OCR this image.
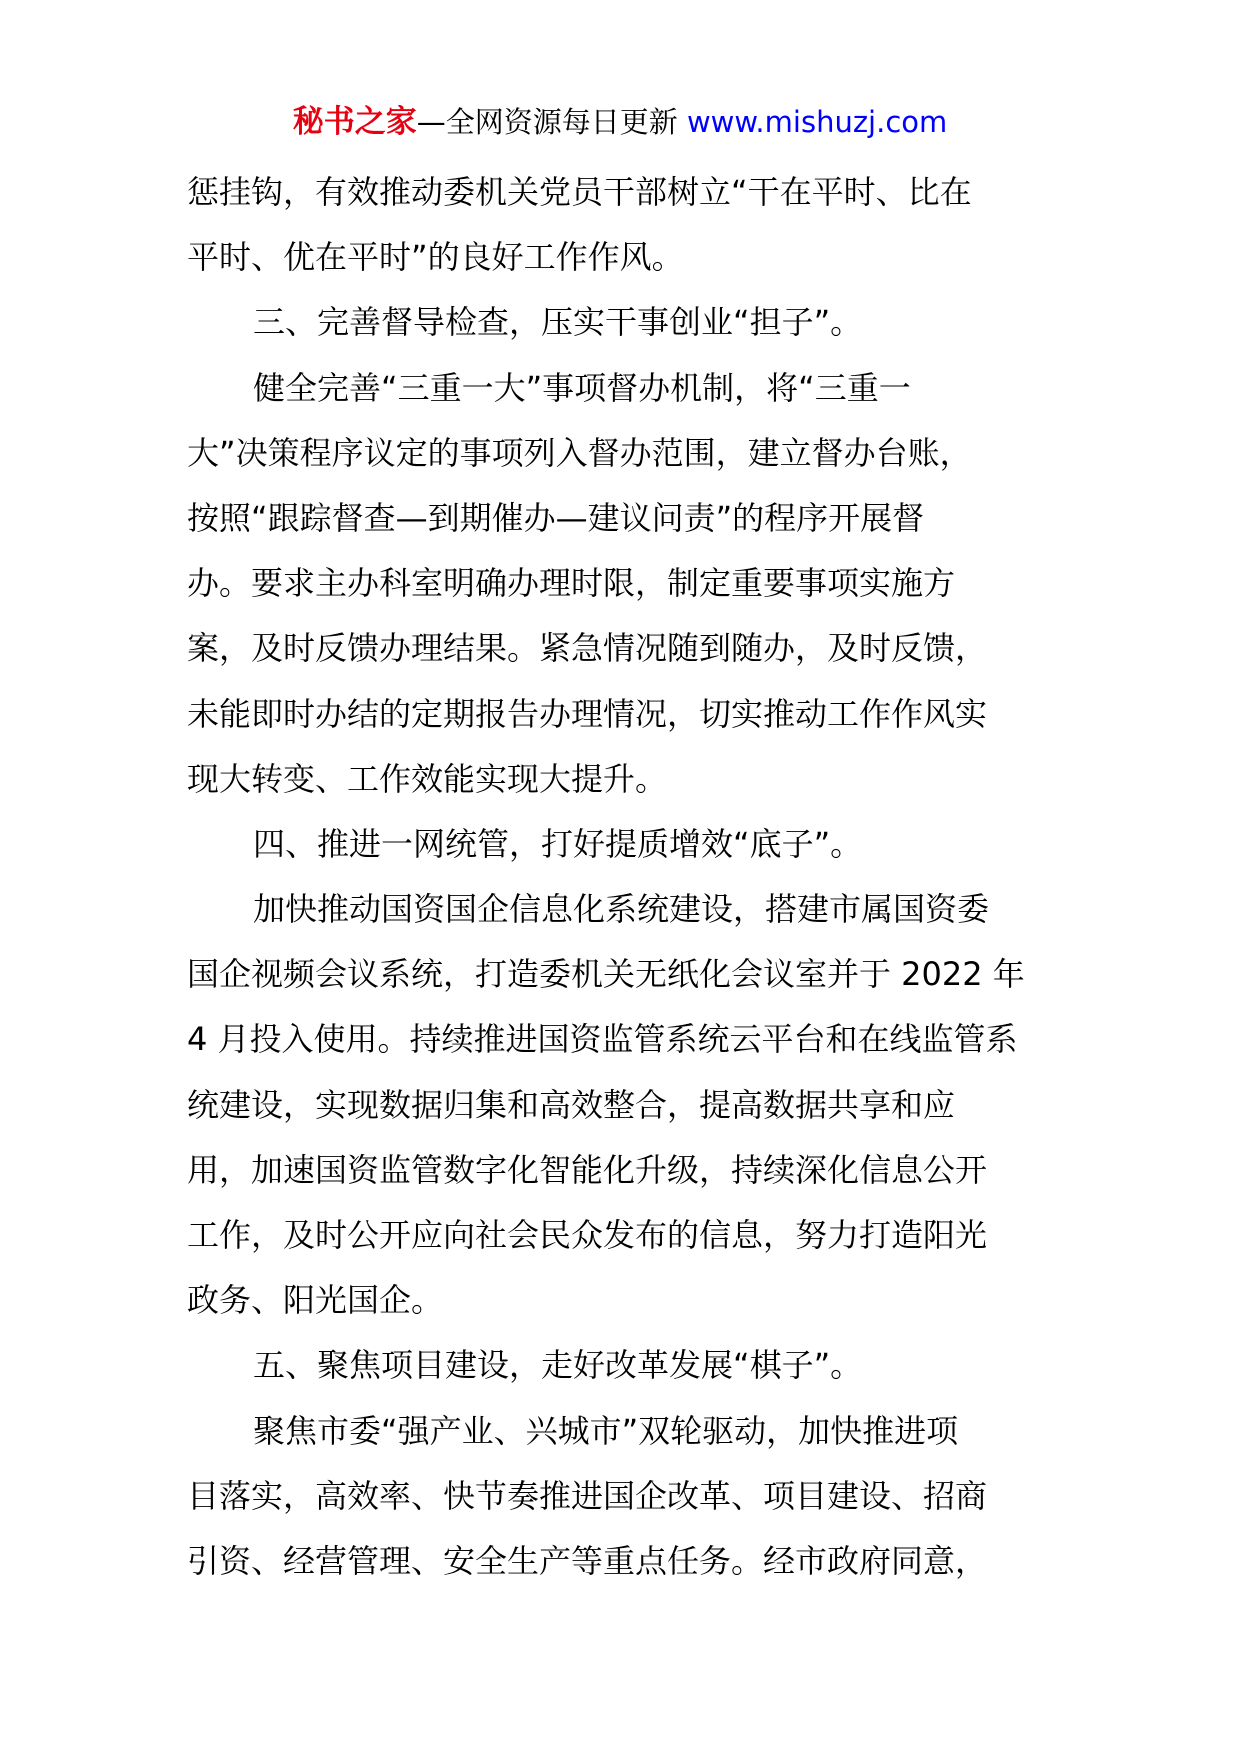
秘书之家—全网资源每日更新 www.mishuzj.com
惩挂钩，有效推动委机关党员干部树立“干在平时、比在
平时、优在平时”的良好工作作风。
三、完善督导检查，压实干事创业“担子”。
健全完善“三重一大”事项督办机制，将“三重一
大”决策程序议定的事项列入督办范围，建立督办台账，
按照“跟踪督查—到期催办—建议问责”的程序开展督
办。要求主办科室明确办理时限，制定重要事项实施方
案，及时反馈办理结果。紧急情况随到随办，及时反馈，
未能即时办结的定期报告办理情况，切实推动工作作风实
现大转变、工作效能实现大提升。
四、推进一网统管，打好提质增效“底子”。
加快推动国资国企信息化系统建设，搭建市属国资委
国企视频会议系统，打造委机关无纸化会议室并于 2022 年
4 月投入使用。持续推进国资监管系统云平台和在线监管系
统建设，实现数据归集和高效整合，提高数据共享和应
用，加速国资监管数字化智能化升级，持续深化信息公开
工作，及时公开应向社会民众发布的信息，努力打造阳光
政务、阳光国企。
五、聚焦项目建设，走好改革发展“棋子”。
聚焦市委“强产业、兴城市”双轮驱动，加快推进项
目落实，高效率、快节奏推进国企改革、项目建设、招商
引资、经营管理、安全生产等重点任务。经市政府同意，
